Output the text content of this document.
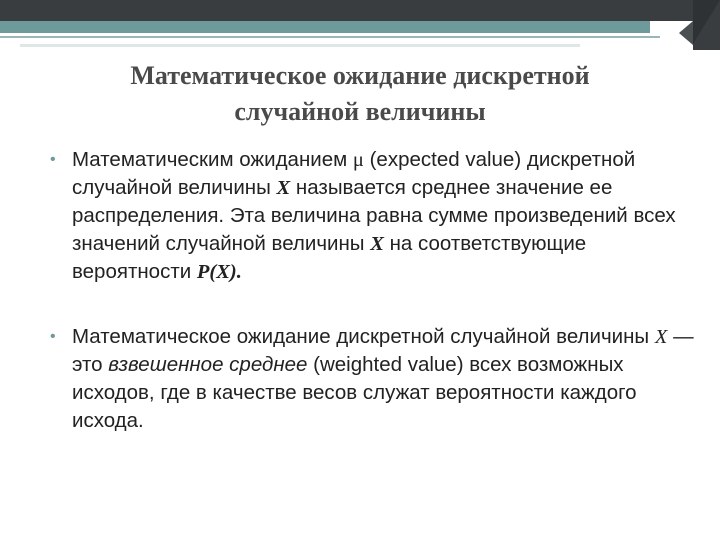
Математическое ожидание дискретной
случайной величины
• Математическим ожиданием μ (expected value) дискретной случайной величины X называется среднее значение ее распределения. Эта величина равна сумме произведений всех значений случайной величины X на соответствующие вероятности P(X).
• Математическое ожидание дискретной случайной величины X — это взвешенное среднее (weighted value) всех возможных исходов, где в качестве весов служат вероятности каждого исхода.
